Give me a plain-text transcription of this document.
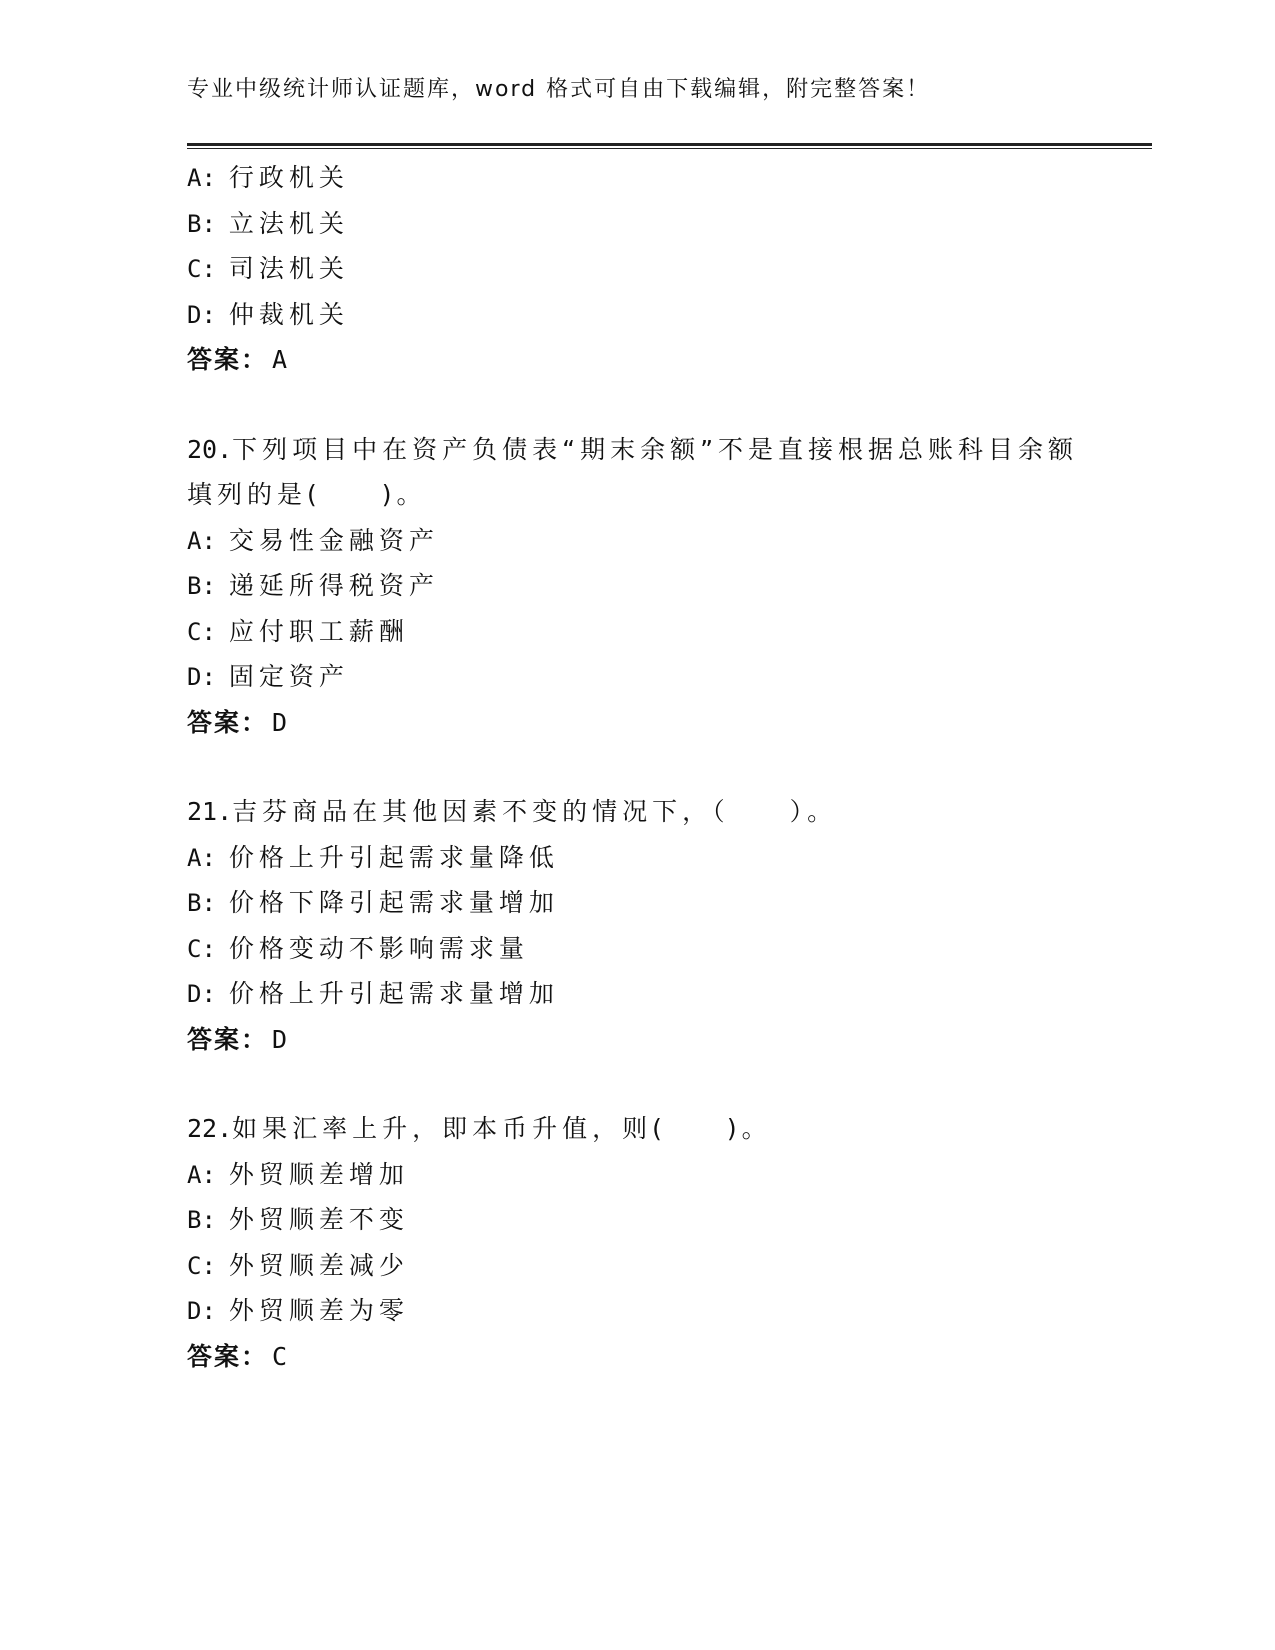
专业中级统计师认证题库，word 格式可自由下载编辑，附完整答案！
A: 行政机关
B: 立法机关
C: 司法机关
D: 仲裁机关
答案： A
20.下列项目中在资产负债表“期末余额”不是直接根据总账科目余额
填列的是(　　)。
A: 交易性金融资产
B: 递延所得税资产
C: 应付职工薪酬
D: 固定资产
答案： D
21.吉芬商品在其他因素不变的情况下，（　　）。
A: 价格上升引起需求量降低
B: 价格下降引起需求量增加
C: 价格变动不影响需求量
D: 价格上升引起需求量增加
答案： D
22.如果汇率上升，即本币升值，则(　　)。
A: 外贸顺差增加
B: 外贸顺差不变
C: 外贸顺差减少
D: 外贸顺差为零
答案： C
